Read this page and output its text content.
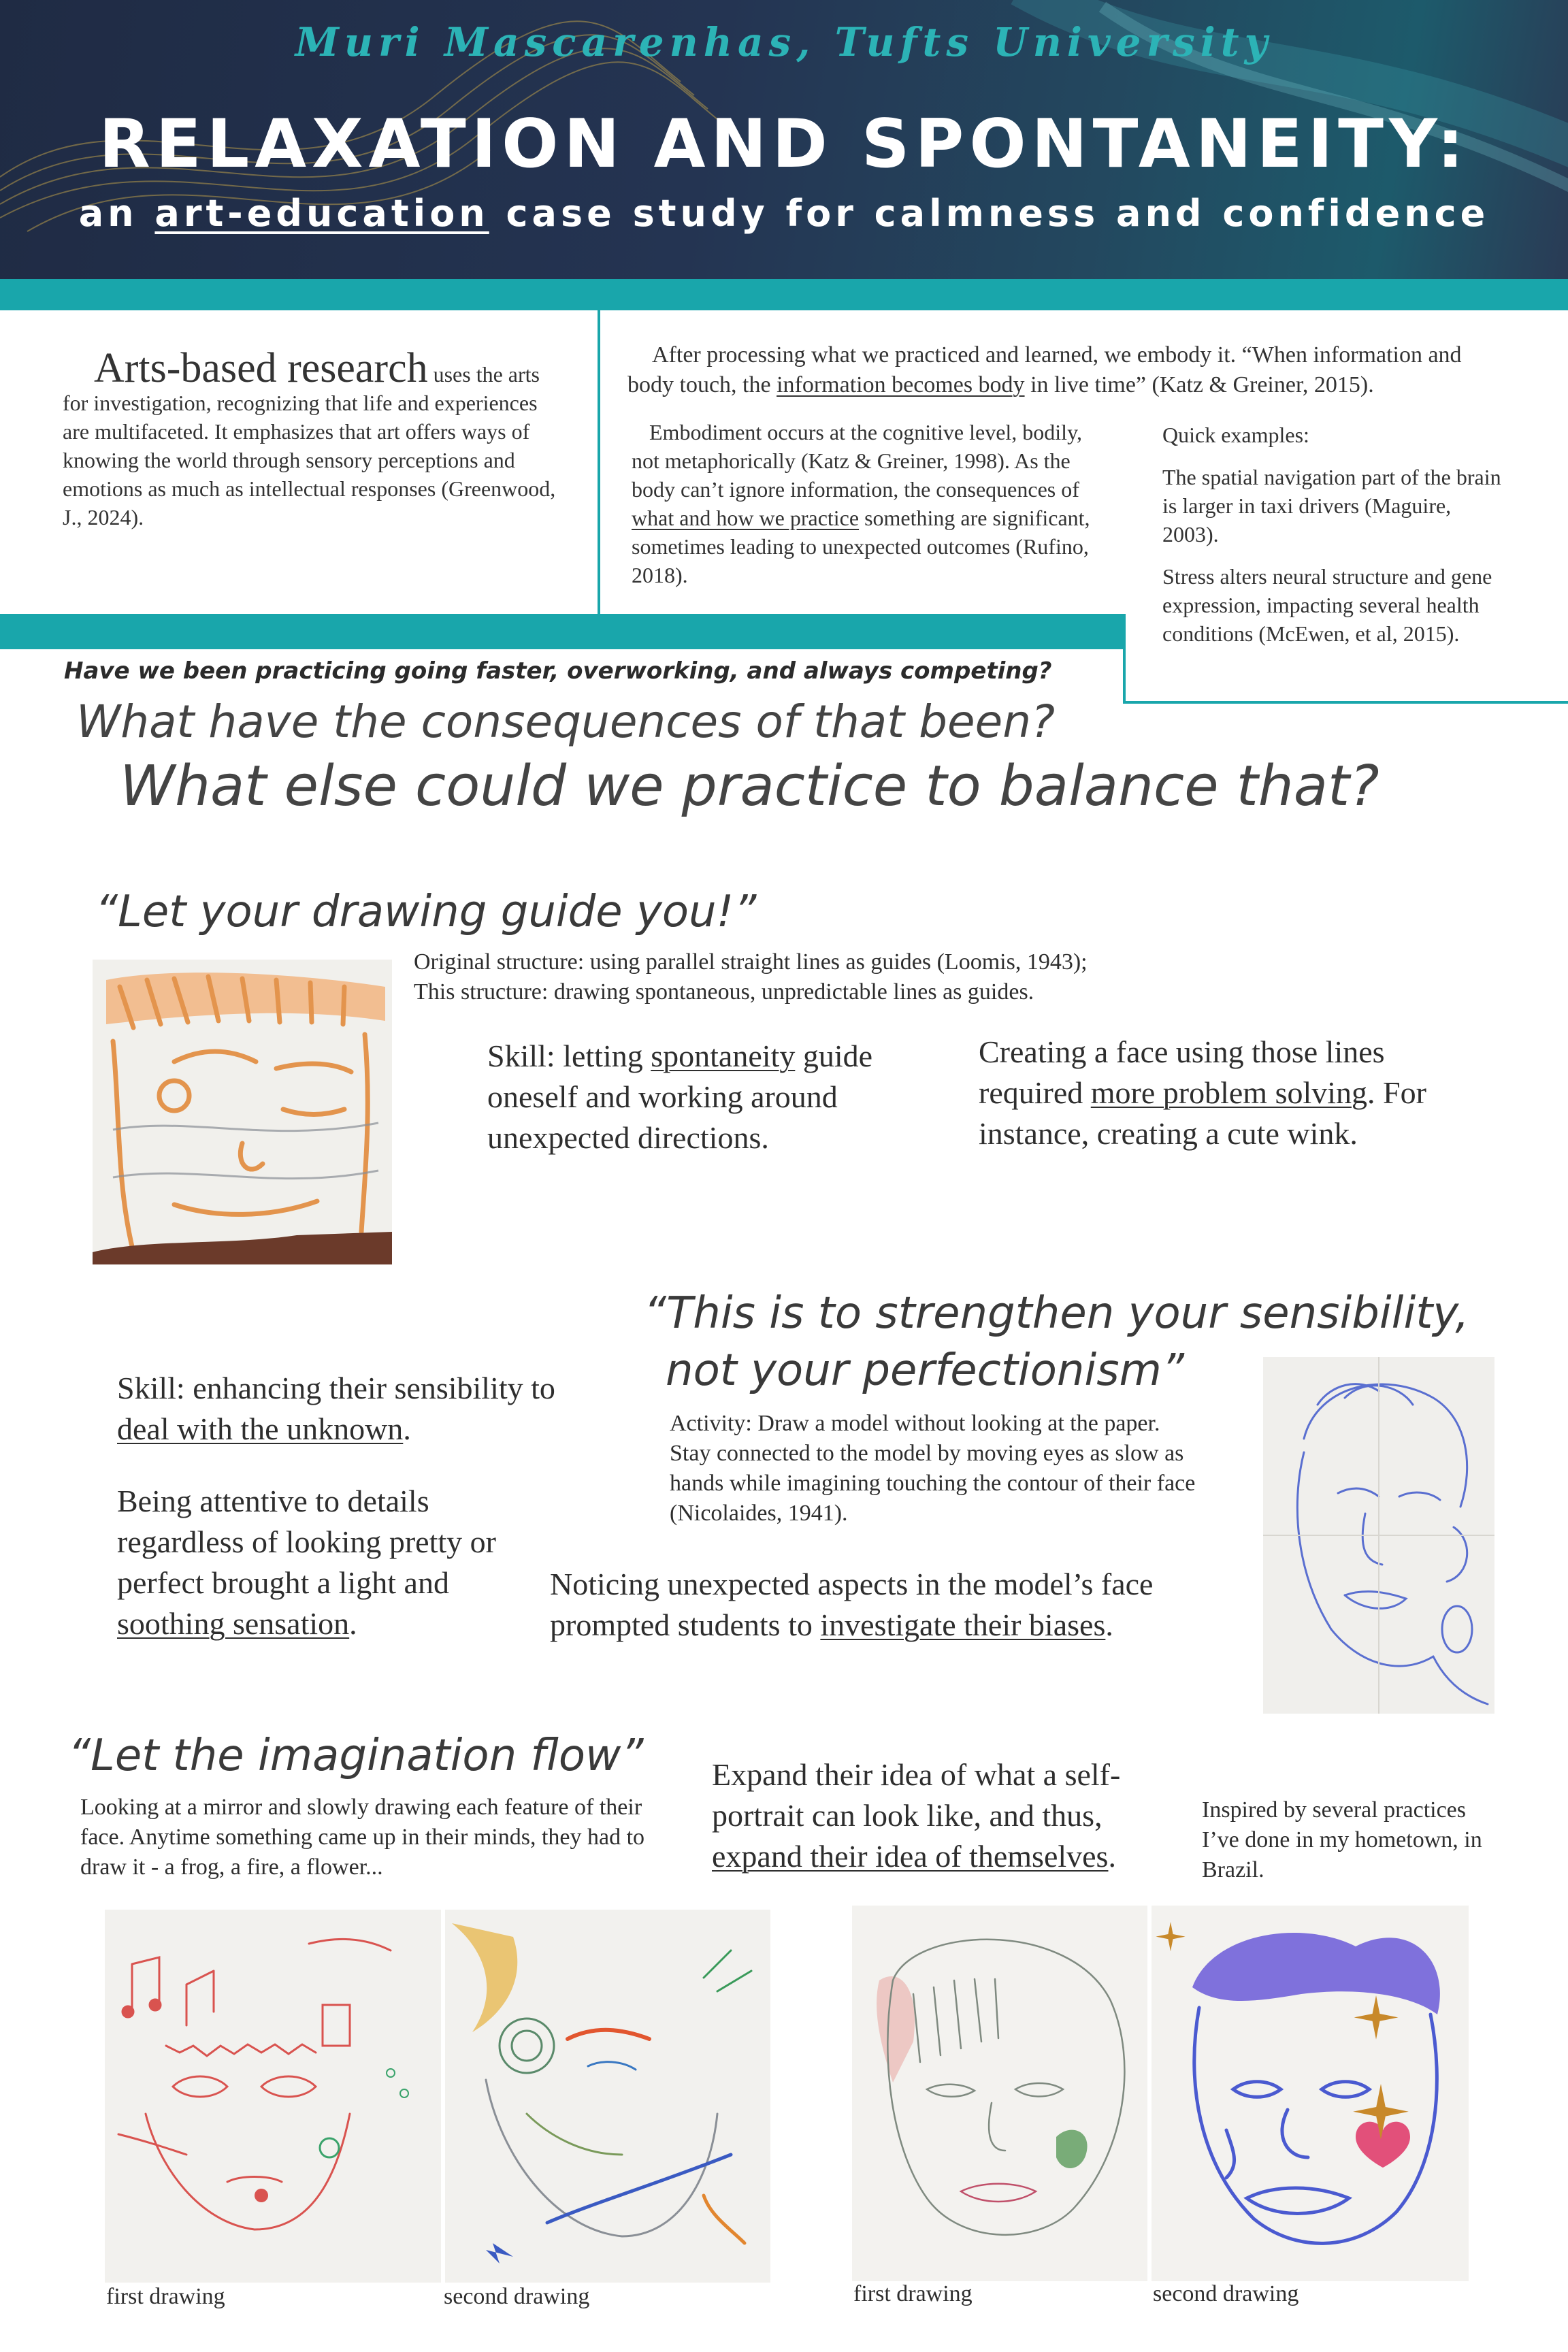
Muri Mascarenhas, Tufts University
RELAXATION AND SPONTANEITY:
an art-education case study for calmness and confidence
Arts-based research uses the arts for investigation, recognizing that life and experiences are multifaceted. It emphasizes that art offers ways of knowing the world through sensory perceptions and emotions as much as intellectual responses (Greenwood, J., 2024).
After processing what we practiced and learned, we embody it. “When information and body touch, the information becomes body in live time” (Katz & Greiner, 2015).
Embodiment occurs at the cognitive level, bodily, not metaphorically (Katz & Greiner, 1998). As the body can’t ignore information, the consequences of what and how we practice something are significant, sometimes leading to unexpected outcomes (Rufino, 2018).
Quick examples:
The spatial navigation part of the brain is larger in taxi drivers (Maguire, 2003).
Stress alters neural structure and gene expression, impacting several health conditions (McEwen, et al, 2015).
Have we been practicing going faster, overworking, and always competing?
What have the consequences of that been?
What else could we practice to balance that?
“Let your drawing guide you!”
Original structure: using parallel straight lines as guides (Loomis, 1943);
This structure: drawing spontaneous, unpredictable lines as guides.
Skill: letting spontaneity guide oneself and working around unexpected directions.
Creating a face using those lines required more problem solving. For instance, creating a cute wink.
“This is to strengthen your sensibility,
not your perfectionism”
Skill: enhancing their sensibility to deal with the unknown.
Being attentive to details regardless of looking pretty or perfect brought a light and soothing sensation.
Activity: Draw a model without looking at the paper. Stay connected to the model by moving eyes as slow as hands while imagining touching the contour of their face (Nicolaides, 1941).
Noticing unexpected aspects in the model’s face prompted students to investigate their biases.
“Let the imagination flow”
Looking at a mirror and slowly drawing each feature of their face. Anytime something came up in their minds, they had to draw it - a frog, a fire, a flower...
Expand their idea of what a self-portrait can look like, and thus, expand their idea of themselves.
Inspired by several practices I’ve done in my hometown, in Brazil.
first drawing	second drawing	first drawing	second drawing
